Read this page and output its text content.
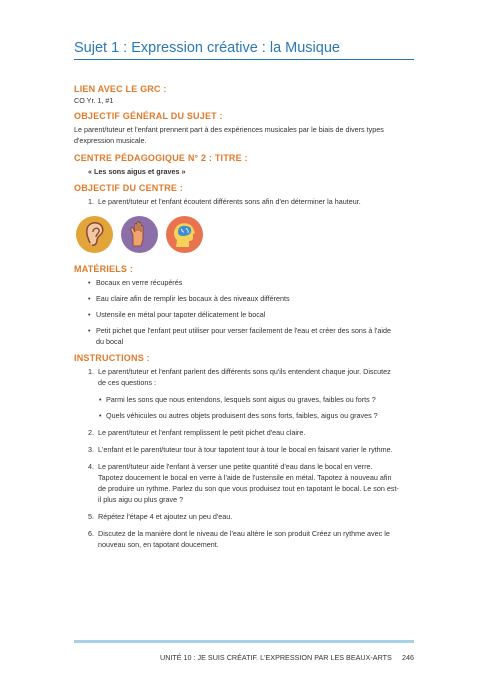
Sujet 1 : Expression créative : la Musique
LIEN AVEC LE GRC :

CO Yr. 1, #1

OBJECTIF GÉNÉRAL DU SUJET :

Le parent/tuteur et l'enfant prennent part à des expériences musicales par le biais de divers types

d'expression musicale.

CENTRE PÉDAGOGIQUE N° 2 : TITRE :

« Les sons aigus et graves »

OBJECTIF DU CENTRE :
1. Le parent/tuteur et l'enfant écoutent différents sons afin d'en déterminer la hauteur.
MATÉRIELS :
• Bocaux en verre récupérés
• Eau claire afin de remplir les bocaux à des niveaux différents
• Ustensile en métal pour tapoter délicatement le bocal
• Petit pichet que l'enfant peut utiliser pour verser facilement de l'eau et créer des sons à l'aide
du bocal
INSTRUCTIONS :
1. Le parent/tuteur et l'enfant parlent des différents sons qu'ils entendent chaque jour. Discutez
de ces questions :
• Parmi les sons que nous entendons, lesquels sont aigus ou graves, faibles ou forts ?
• Quels véhicules ou autres objets produisent des sons forts, faibles, aigus ou graves ?
2. Le parent/tuteur et l'enfant remplissent le petit pichet d'eau claire.
3. L'enfant et le parent/tuteur tour à tour tapotent tour à tour le bocal en faisant varier le rythme.
4. Le parent/tuteur aide l'enfant à verser une petite quantité d'eau dans le bocal en verre.
Tapotez doucement le bocal en verre à l'aide de l'ustensile en métal. Tapotez à nouveau afin
de produire un rythme. Parlez du son que vous produisez tout en tapotant le bocal. Le son est-
il plus aigu ou plus grave ?
5. Répétez l'étape 4 et ajoutez un peu d'eau.
6. Discutez de la manière dont le niveau de l'eau altère le son produit Créez un rythme avec le
nouveau son, en tapotant doucement.
UNITÉ 10 : JE SUIS CRÉATIF. L'EXPRESSION PAR LES BEAUX-ARTS 246
